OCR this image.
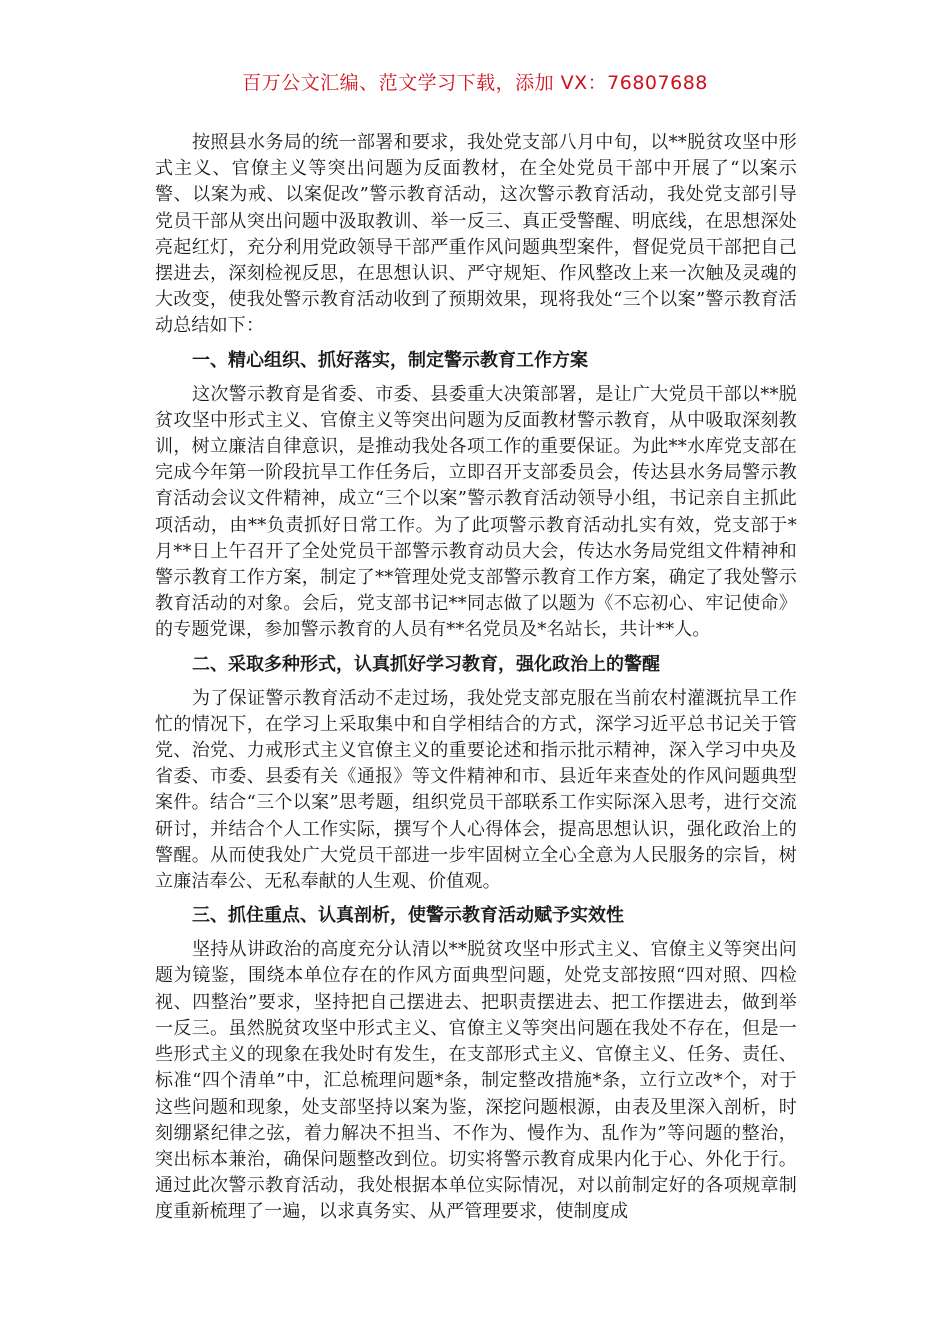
百万公文汇编、范文学习下载，添加 VX：76807688

按照县水务局的统一部署和要求，我处党支部八月中旬，以**脱贫攻坚中形式主义、官僚主义等突出问题为反面教材，在全处党员干部中开展了“以案示警、以案为戒、以案促改”警示教育活动，这次警示教育活动，我处党支部引导党员干部从突出问题中汲取教训、举一反三、真正受警醒、明底线，在思想深处亮起红灯，充分利用党政领导干部严重作风问题典型案件，督促党员干部把自己摆进去，深刻检视反思，在思想认识、严守规矩、作风整改上来一次触及灵魂的大改变，使我处警示教育活动收到了预期效果，现将我处“三个以案”警示教育活动总结如下：

一、精心组织、抓好落实，制定警示教育工作方案

这次警示教育是省委、市委、县委重大决策部署，是让广大党员干部以**脱贫攻坚中形式主义、官僚主义等突出问题为反面教材警示教育，从中吸取深刻教训，树立廉洁自律意识，是推动我处各项工作的重要保证。为此**水库党支部在完成今年第一阶段抗旱工作任务后，立即召开支部委员会，传达县水务局警示教育活动会议文件精神，成立“三个以案”警示教育活动领导小组，书记亲自主抓此项活动，由**负责抓好日常工作。为了此项警示教育活动扎实有效，党支部于*月**日上午召开了全处党员干部警示教育动员大会，传达水务局党组文件精神和警示教育工作方案，制定了**管理处党支部警示教育工作方案，确定了我处警示教育活动的对象。会后，党支部书记**同志做了以题为《不忘初心、牢记使命》的专题党课，参加警示教育的人员有**名党员及*名站长，共计**人。

二、采取多种形式，认真抓好学习教育，强化政治上的警醒

为了保证警示教育活动不走过场，我处党支部克服在当前农村灌溉抗旱工作忙的情况下，在学习上采取集中和自学相结合的方式，深学习近平总书记关于管党、治党、力戒形式主义官僚主义的重要论述和指示批示精神，深入学习中央及省委、市委、县委有关《通报》等文件精神和市、县近年来查处的作风问题典型案件。结合“三个以案”思考题，组织党员干部联系工作实际深入思考，进行交流研讨，并结合个人工作实际，撰写个人心得体会，提高思想认识，强化政治上的警醒。从而使我处广大党员干部进一步牢固树立全心全意为人民服务的宗旨，树立廉洁奉公、无私奉献的人生观、价值观。

三、抓住重点、认真剖析，使警示教育活动赋予实效性

坚持从讲政治的高度充分认清以**脱贫攻坚中形式主义、官僚主义等突出问题为镜鉴，围绕本单位存在的作风方面典型问题，处党支部按照“四对照、四检视、四整治”要求，坚持把自己摆进去、把职责摆进去、把工作摆进去，做到举一反三。虽然脱贫攻坚中形式主义、官僚主义等突出问题在我处不存在，但是一些形式主义的现象在我处时有发生，在支部形式主义、官僚主义、任务、责任、标准“四个清单”中，汇总梳理问题*条，制定整改措施*条，立行立改*个，对于这些问题和现象，处支部坚持以案为鉴，深挖问题根源，由表及里深入剖析，时刻绷紧纪律之弦，着力解决不担当、不作为、慢作为、乱作为”等问题的整治，突出标本兼治，确保问题整改到位。切实将警示教育成果内化于心、外化于行。通过此次警示教育活动，我处根据本单位实际情况，对以前制定好的各项规章制度重新梳理了一遍，以求真务实、从严管理要求，使制度成
